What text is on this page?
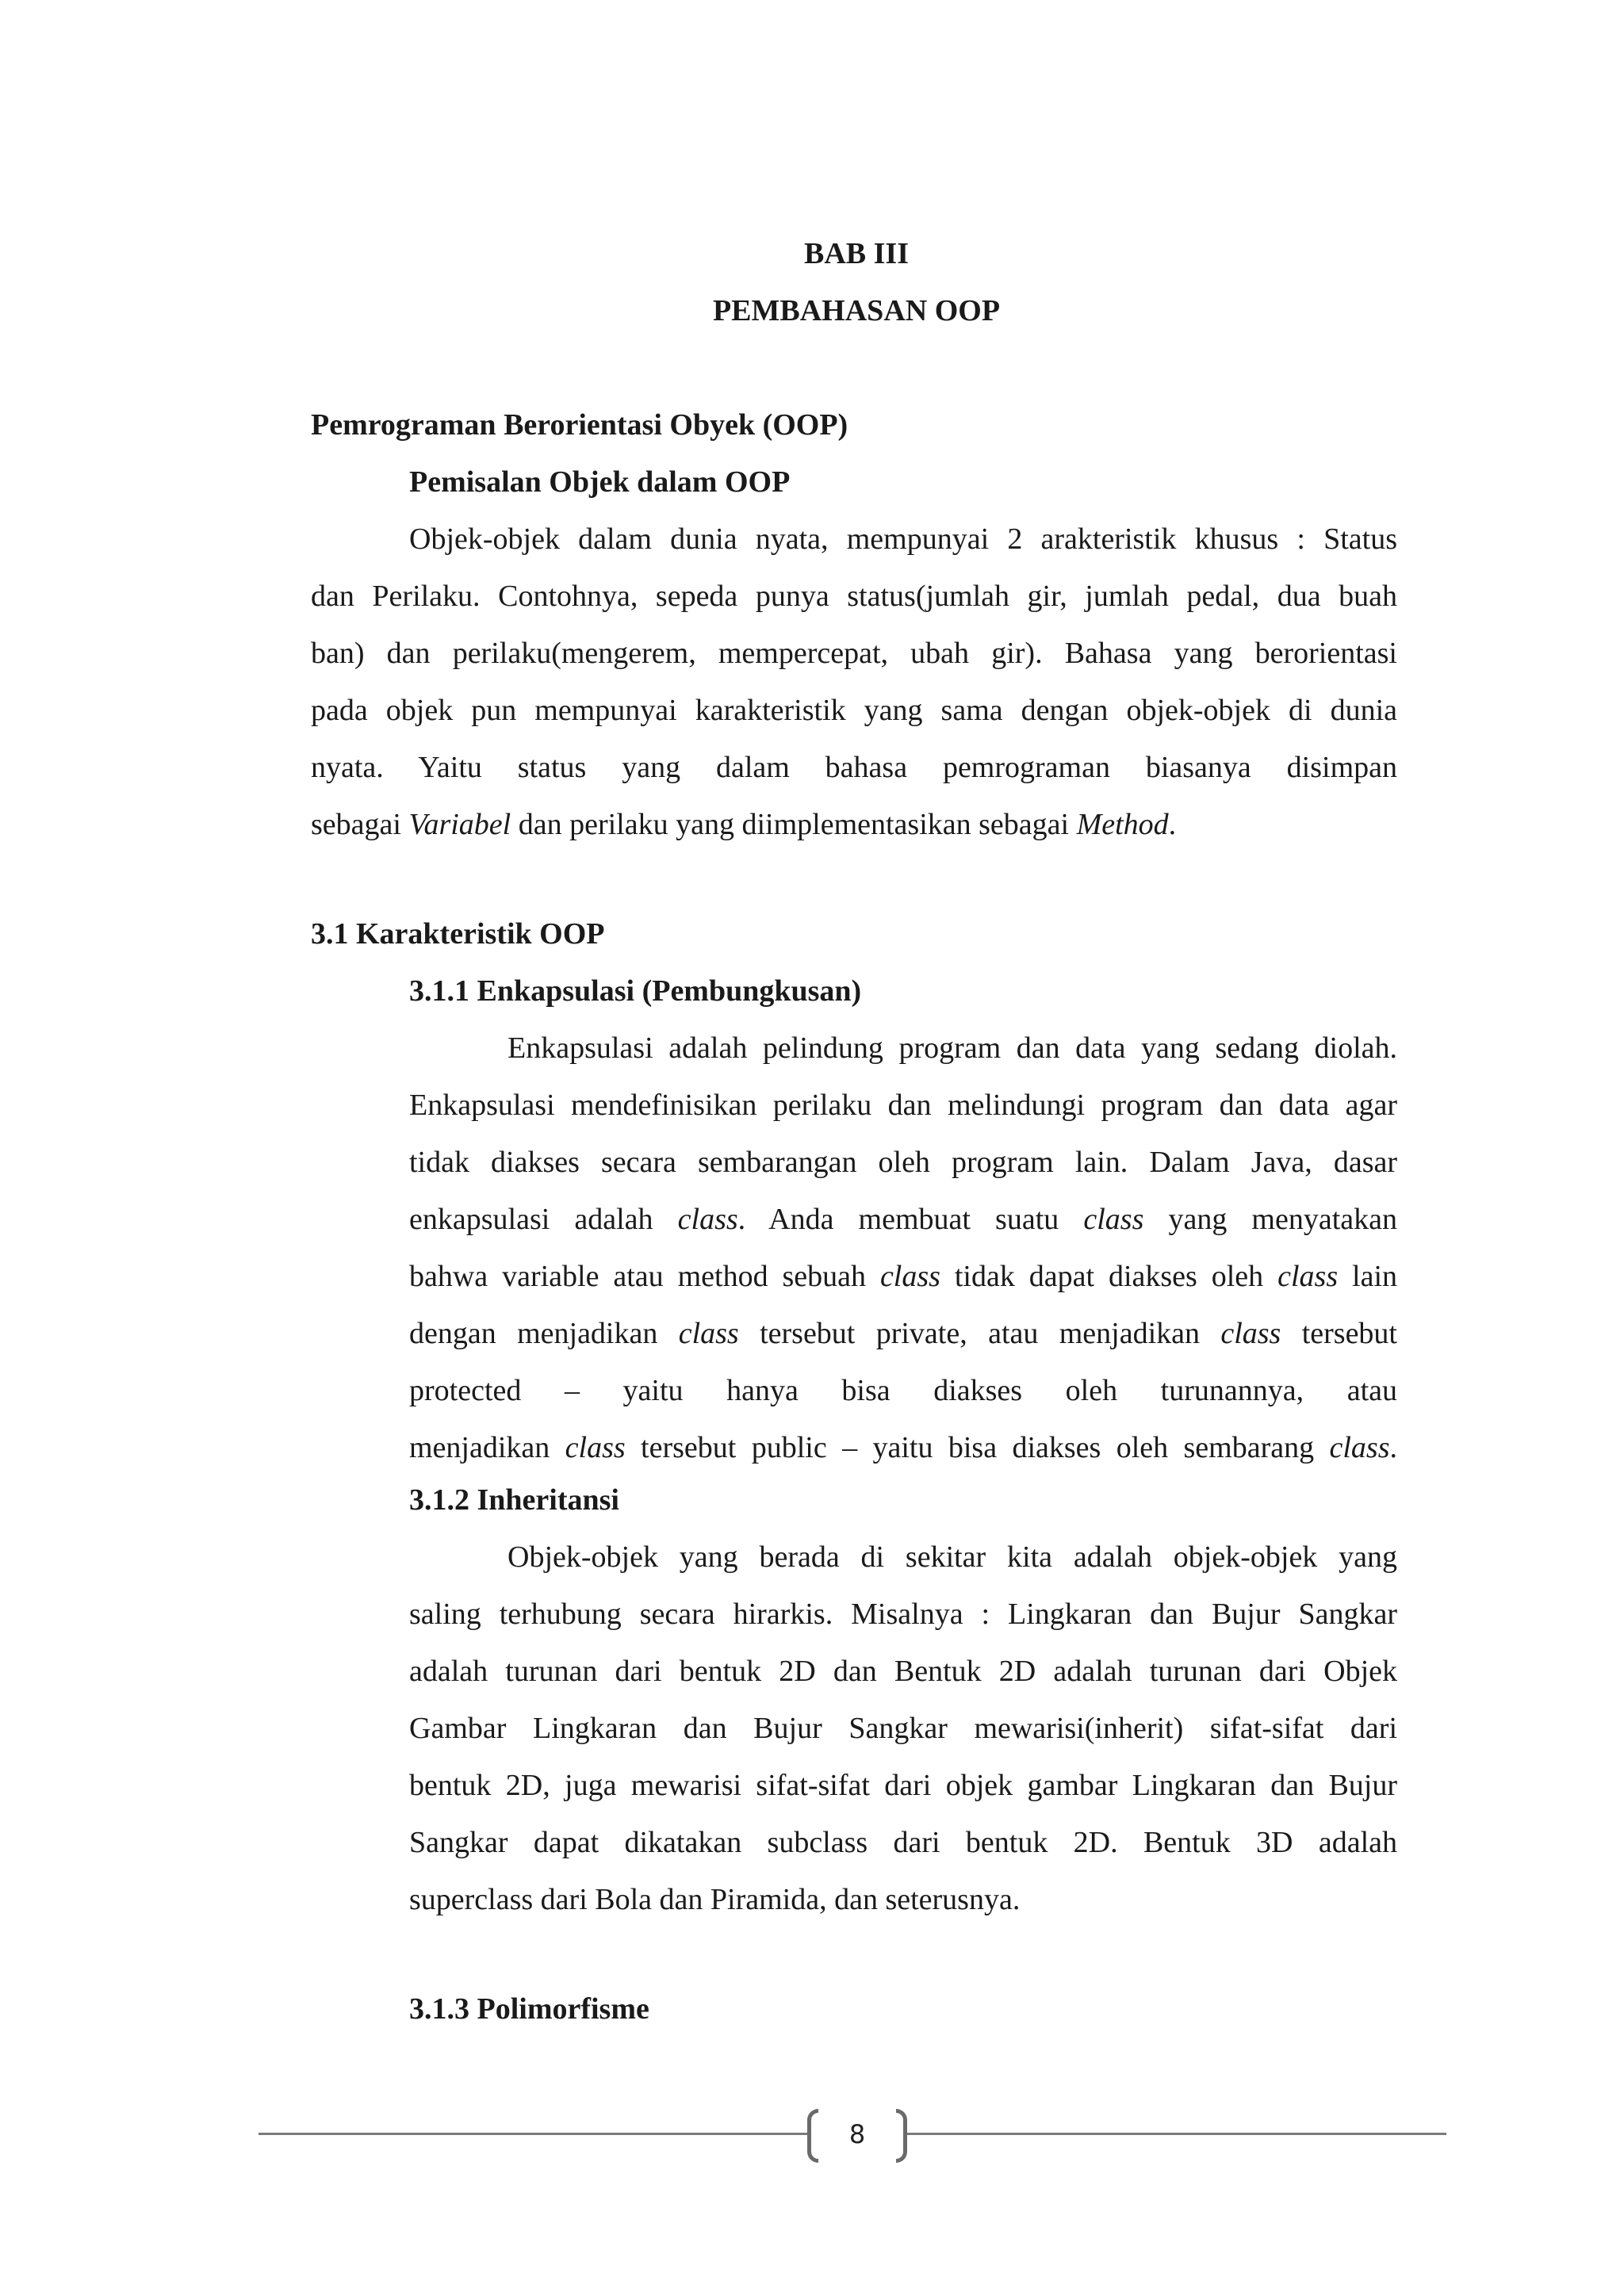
BAB III
PEMBAHASAN OOP
Pemrograman Berorientasi Obyek (OOP)
Pemisalan Objek dalam OOP
Objek-objek dalam dunia nyata, mempunyai 2 arakteristik khusus : Status
dan Perilaku. Contohnya, sepeda punya status(jumlah gir, jumlah pedal, dua buah
ban) dan perilaku(mengerem, mempercepat, ubah gir). Bahasa yang berorientasi
pada objek pun mempunyai karakteristik yang sama dengan objek-objek di dunia
nyata. Yaitu status yang dalam bahasa pemrograman biasanya disimpan
sebagai Variabel dan perilaku yang diimplementasikan sebagai Method.
3.1 Karakteristik OOP
3.1.1 Enkapsulasi (Pembungkusan)
Enkapsulasi adalah pelindung program dan data yang sedang diolah.
Enkapsulasi mendefinisikan perilaku dan melindungi program dan data agar
tidak diakses secara sembarangan oleh program lain. Dalam Java, dasar
enkapsulasi adalah class. Anda membuat suatu class yang menyatakan
bahwa variable atau method sebuah class tidak dapat diakses oleh class lain
dengan menjadikan class tersebut private, atau menjadikan class tersebut
protected – yaitu hanya bisa diakses oleh turunannya, atau
menjadikan class tersebut public – yaitu bisa diakses oleh sembarang class.
3.1.2 Inheritansi
Objek-objek yang berada di sekitar kita adalah objek-objek yang
saling terhubung secara hirarkis. Misalnya : Lingkaran dan Bujur Sangkar
adalah turunan dari bentuk 2D dan Bentuk 2D adalah turunan dari Objek
Gambar Lingkaran dan Bujur Sangkar mewarisi(inherit) sifat-sifat dari
bentuk 2D, juga mewarisi sifat-sifat dari objek gambar Lingkaran dan Bujur
Sangkar dapat dikatakan subclass dari bentuk 2D. Bentuk 3D adalah
superclass dari Bola dan Piramida, dan seterusnya.
3.1.3 Polimorfisme
8
